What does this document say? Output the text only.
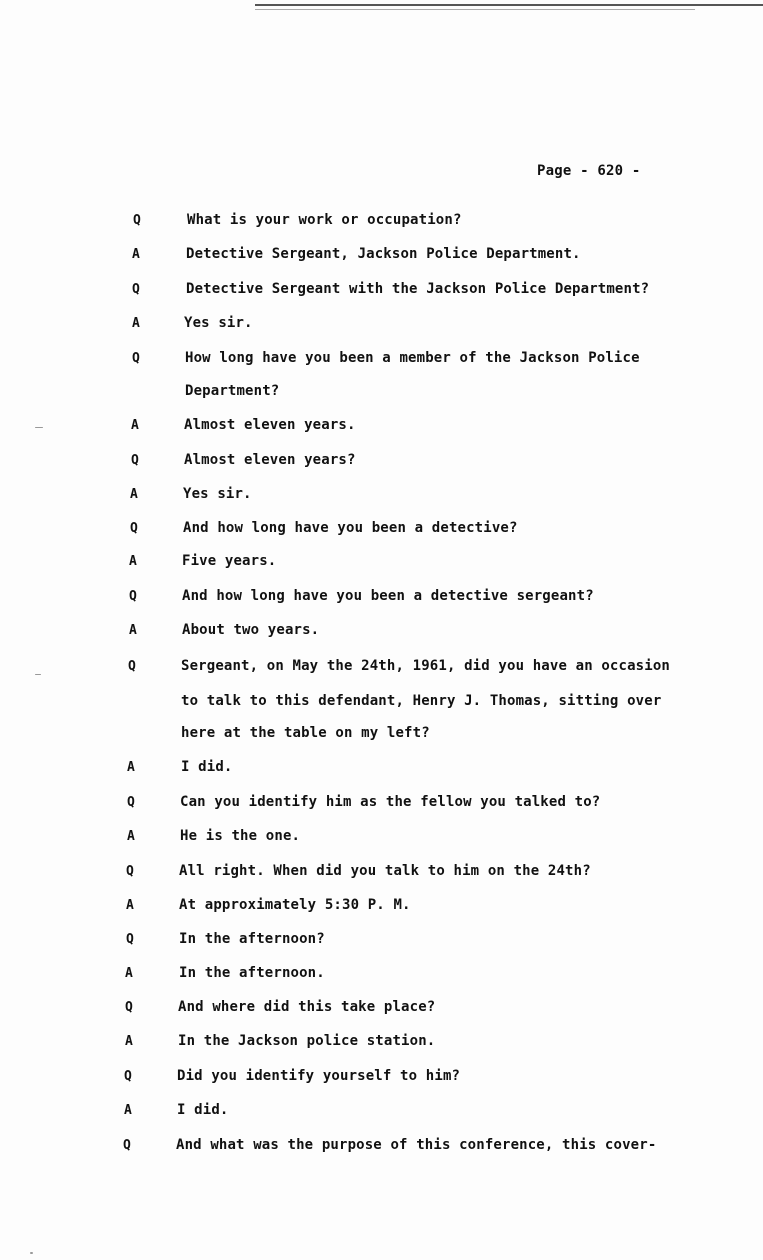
Page - 620 -
Q	What is your work or occupation?
A	Detective Sergeant, Jackson Police Department.
Q	Detective Sergeant with the Jackson Police Department?
A	Yes sir.
Q	How long have you been a member of the Jackson Police
Department?
A	Almost eleven years.
Q	Almost eleven years?
A	Yes sir.
Q	And how long have you been a detective?
A	Five years.
Q	And how long have you been a detective sergeant?
A	About two years.
Q	Sergeant, on May the 24th, 1961, did you have an occasion
to talk to this defendant, Henry J. Thomas, sitting over
here at the table on my left?
A	I did.
Q	Can you identify him as the fellow you talked to?
A	He is the one.
Q	All right. When did you talk to him on the 24th?
A	At approximately 5:30 P. M.
Q	In the afternoon?
A	In the afternoon.
Q	And where did this take place?
A	In the Jackson police station.
Q	Did you identify yourself to him?
A	I did.
Q	And what was the purpose of this conference, this cover-
